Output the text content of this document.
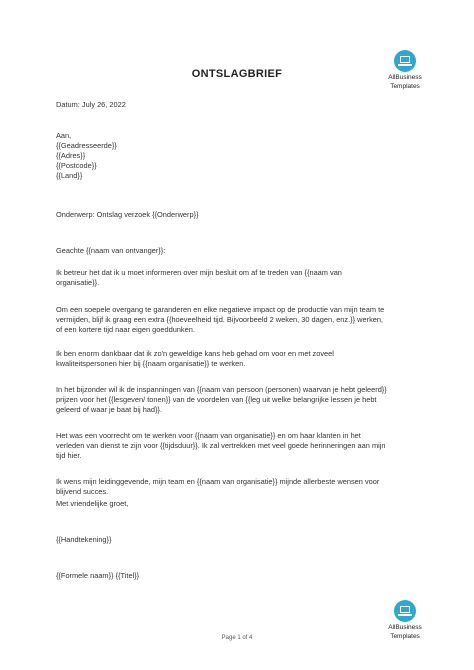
AllBusiness
Templates
ONTSLAGBRIEF
Datum: July 26, 2022
Aan,
{{Geadresseerde}}
{{Adres}}
{{Postcode}}
{{Land}}
Onderwerp: Ontslag verzoek {{Onderwerp}}
Geachte {{naam van ontvanger}}:
Ik betreur het dat ik u moet informeren over mijn besluit om af te treden van {{naam van
organisatie}}.
Om een soepele overgang te garanderen en elke negatieve impact op de productie van mijn team te
vermijden, blijf ik graag een extra {{hoeveelheid tijd. Bijvoorbeeld 2 weken, 30 dagen, enz.}} werken,
of een kortere tijd naar eigen goeddunken.
Ik ben enorm dankbaar dat ik zo'n geweldige kans heb gehad om voor en met zoveel
kwaliteitspersonen hier bij {{naam organisatie}} te werken.
In het bijzonder wil ik de inspanningen van {{naam van persoon (personen) waarvan je hebt geleerd}}
prijzen voor het {{lesgeven/ tonen}} van de voordelen van {{leg uit welke belangrijke lessen je hebt
geleerd of waar je baat bij had}}.
Het was een voorrecht om te werken voor {{naam van organisatie}} en om haar klanten in het
verleden van dienst te zijn voor {{tijdsduur}}. Ik zal vertrekken met veel goede herinneringen aan mijn
tijd hier.
Ik wens mijn leidinggevende, mijn team en {{naam van organisatie}} mijnde allerbeste wensen voor
blijvend succes.
Met vriendelijke groet,
{{Handtekening}}
{{Formele naam}} {{Titel}}
AllBusiness
Templates
Page 1 of 4
